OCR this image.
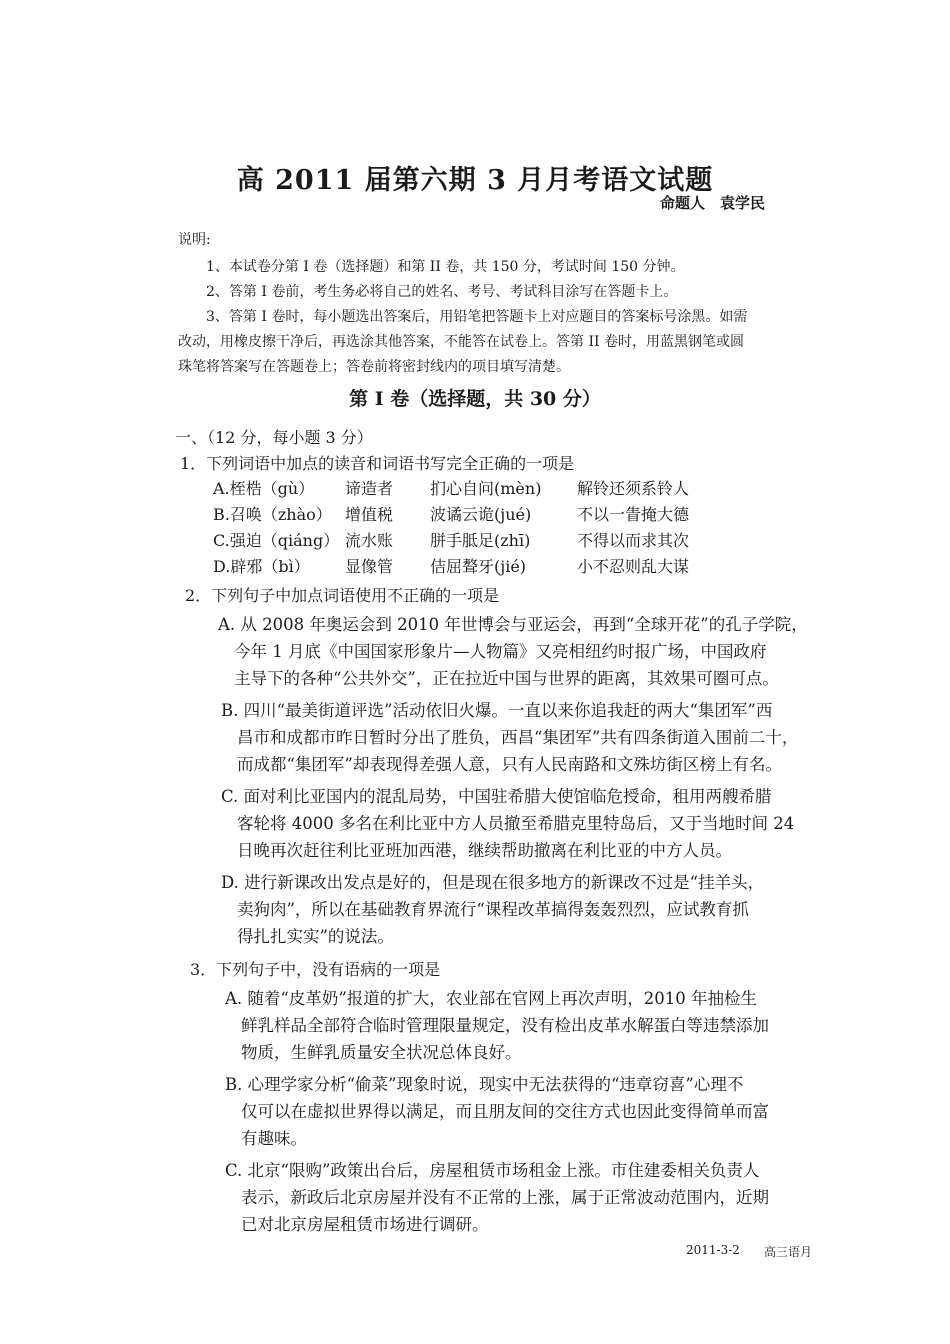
高 2011 届第六期 3 月月考语文试题
命题人　袁学民
说明:
1、本试卷分第 I 卷（选择题）和第 II 卷，共 150 分，考试时间 150 分钟。
2、答第 I 卷前，考生务必将自己的姓名、考号、考试科目涂写在答题卡上。
3、答第 I 卷时，每小题选出答案后，用铅笔把答题卡上对应题目的答案标号涂黑。如需
改动，用橡皮擦干净后，再选涂其他答案，不能答在试卷上。答第 II 卷时，用蓝黑钢笔或圆
珠笔将答案写在答题卷上；答卷前将密封线内的项目填写清楚。
第 I 卷（选择题，共 30 分）
一、（12 分，每小题 3 分）
1．下列词语中加点的读音和词语书写完全正确的一项是
A.桎梏（gù） 谛造者 扪心自问(mèn) 解铃还须系铃人
B.召唤（zhào） 增值税 波谲云诡(jué)	不以一眚掩大德
C.强迫（qiáng） 流水账 胼手胝足(zhī)	不得以而求其次
D.辟邪（bì） 显像管 佶屈聱牙(jié)	小不忍则乱大谋
2．下列句子中加点词语使用不正确的一项是
A. 从 2008 年奥运会到 2010 年世博会与亚运会，再到“全球开花”的孔子学院，
今年 1 月底《中国国家形象片—人物篇》又亮相纽约时报广场，中国政府
主导下的各种“公共外交”，正在拉近中国与世界的距离，其效果可圈可点。
B. 四川“最美街道评选”活动依旧火爆。一直以来你追我赶的两大“集团军”西
昌市和成都市昨日暂时分出了胜负，西昌“集团军”共有四条街道入围前二十，
而成都“集团军”却表现得差强人意，只有人民南路和文殊坊街区榜上有名。
C. 面对利比亚国内的混乱局势，中国驻希腊大使馆临危授命，租用两艘希腊
客轮将 4000 多名在利比亚中方人员撤至希腊克里特岛后，又于当地时间 24
日晚再次赶往利比亚班加西港，继续帮助撤离在利比亚的中方人员。
D. 进行新课改出发点是好的，但是现在很多地方的新课改不过是“挂羊头，
卖狗肉”，所以在基础教育界流行“课程改革搞得轰轰烈烈，应试教育抓
得扎扎实实”的说法。
3．下列句子中，没有语病的一项是
A. 随着“皮革奶”报道的扩大，农业部在官网上再次声明，2010 年抽检生
鲜乳样品全部符合临时管理限量规定，没有检出皮革水解蛋白等违禁添加
物质，生鲜乳质量安全状况总体良好。
B. 心理学家分析“偷菜”现象时说，现实中无法获得的“违章窃喜”心理不
仅可以在虚拟世界得以满足，而且朋友间的交往方式也因此变得简单而富
有趣味。
C. 北京“限购”政策出台后，房屋租赁市场租金上涨。市住建委相关负责人
表示，新政后北京房屋并没有不正常的上涨，属于正常波动范围内，近期
已对北京房屋租赁市场进行调研。
2011-3-2 高三语月
